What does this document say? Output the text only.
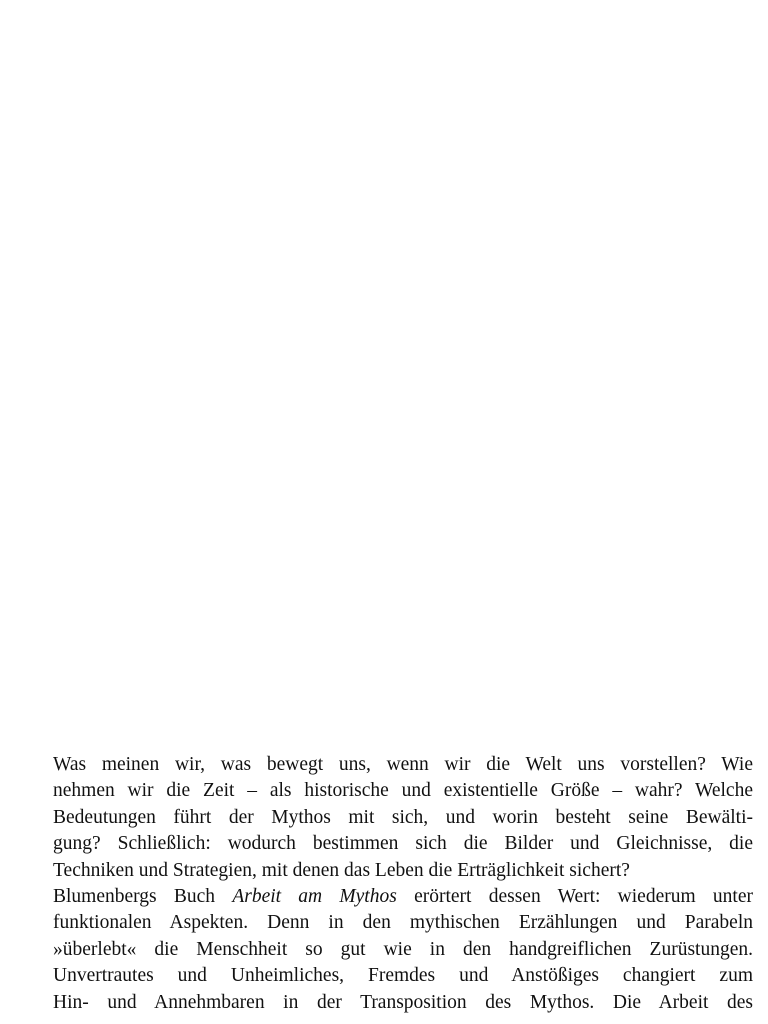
Was meinen wir, was bewegt uns, wenn wir die Welt uns vorstellen? Wie
nehmen wir die Zeit – als historische und existentielle Größe – wahr? Welche
Bedeutungen führt der Mythos mit sich, und worin besteht seine Bewälti-
gung? Schließlich: wodurch bestimmen sich die Bilder und Gleichnisse, die
Techniken und Strategien, mit denen das Leben die Erträglichkeit sichert?
Blumenbergs Buch Arbeit am Mythos erörtert dessen Wert: wiederum unter
funktionalen Aspekten. Denn in den mythischen Erzählungen und Parabeln
»überlebt« die Menschheit so gut wie in den handgreiflichen Zurüstungen.
Unvertrautes und Unheimliches, Fremdes und Anstößiges changiert zum
Hin- und Annehmbaren in der Transposition des Mythos. Die Arbeit des
